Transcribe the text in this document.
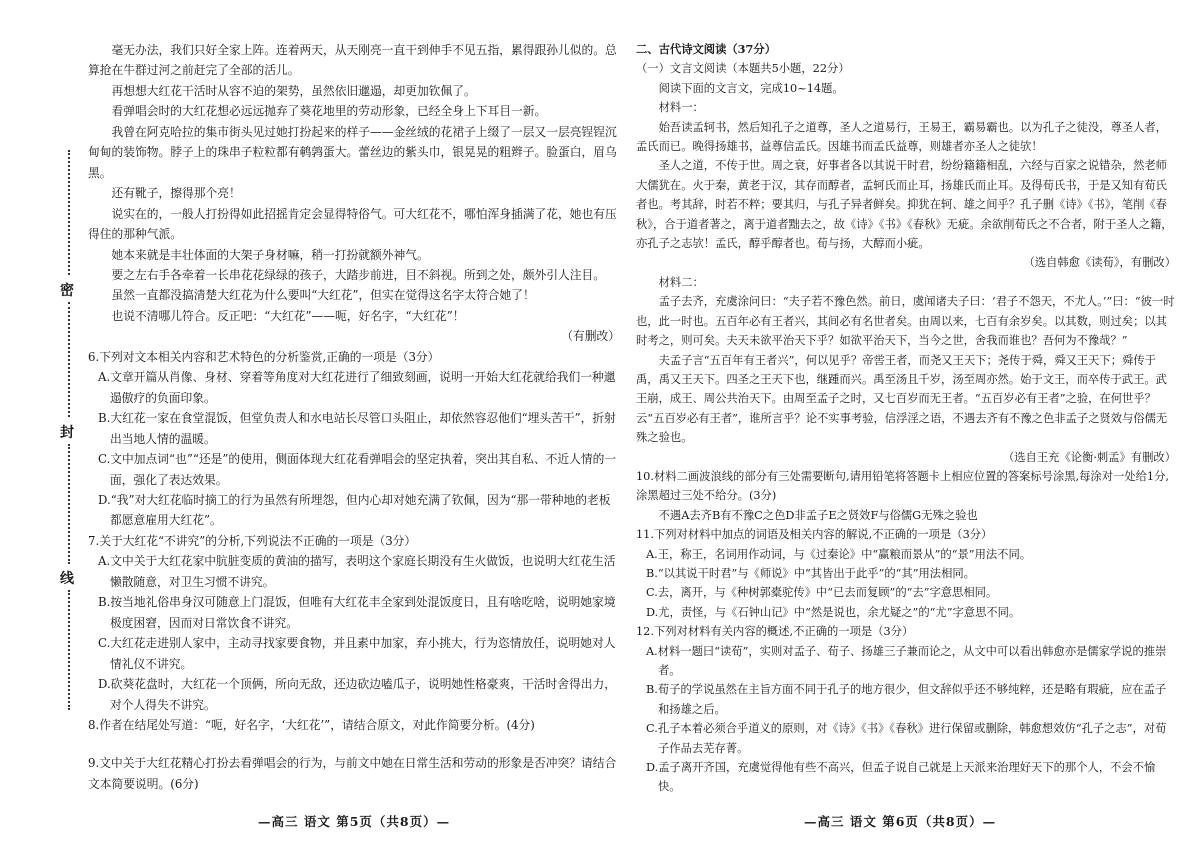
密
封
线

毫无办法，我们只好全家上阵。连着两天，从天刚亮一直干到伸手不见五指，累得跟孙儿似的。总算抢在牛群过河之前赶完了全部的活儿。

再想想大红花干活时从容不迫的架势，虽然依旧邋遢，却更加钦佩了。

看弹唱会时的大红花想必远远抛弃了葵花地里的劳动形象，已经全身上下耳目一新。

我曾在阿克哈拉的集市街头见过她打扮起来的样子——金丝绒的花裙子上缀了一层又一层亮锃锃沉甸甸的装饰物。脖子上的珠串子粒粒都有鹌鹑蛋大。蕾丝边的紫头巾，银晃晃的粗辫子。脸蛋白，眉乌黑。

还有靴子，擦得那个亮！

说实在的，一般人打扮得如此招摇肯定会显得特俗气。可大红花不，哪怕浑身插满了花，她也有压得住的那种气派。

她本来就是丰壮体面的大架子身材嘛，稍一打扮就额外神气。

要之左右手各牵着一长串花花绿绿的孩子，大踏步前进，目不斜视。所到之处，颇外引人注目。

虽然一直都没搞清楚大红花为什么要叫“大红花”，但实在觉得这名字太符合她了！

也说不清哪儿符合。反正吧：“大红花”——呃，好名字，“大红花”！

（有删改）

6.下列对文本相关内容和艺术特色的分析鉴赏,正确的一项是（3分）

A.文章开篇从肖像、身材、穿着等角度对大红花进行了细致刻画，说明一开始大红花就给我们一种邋遢傲疗的负面印象。

B.大红花一家在食堂混饭，但堂负责人和水电站长尽管口头阻止，却依然容忍他们“埋头苦干”，折射出当地人情的温暖。

C.文中加点词“也”“还是”的使用，侧面体现大红花看弹唱会的坚定执着，突出其自私、不近人情的一面，强化了表达效果。

D.“我”对大红花临时摘工的行为虽然有所埋怨，但内心却对她充满了钦佩，因为“那一带种地的老板都愿意雇用大红花”。

7.关于大红花“不讲究”的分析,下列说法不正确的一项是（3分）

A.文中关于大红花家中肮脏变质的黄油的描写，表明这个家庭长期没有生火做饭，也说明大红花生活懒散随意，对卫生习惯不讲究。

B.按当地礼俗串身汉可随意上门混饭，但唯有大红花丰全家到处混饭度日，且有啥吃啥，说明她家境极度困窘，因而对日常饮食不讲究。

C.大红花走进别人家中，主动寻找家要食物，并且素中加家，弃小挑大，行为恣情放任，说明她对人情礼仪不讲究。

D.砍葵花盘时，大红花一个顶俩，所向无敌，还边砍边嗑瓜子，说明她性格豪爽，干活时舍得出力，对个人得失不讲究。

8.作者在结尾处写道：“呃，好名字，‘大红花’”，请结合原文，对此作简要分析。(4分)

9.文中关于大红花精心打扮去看弹唱会的行为，与前文中她在日常生活和劳动的形象是否冲突？请结合文本简要说明。(6分)

—高三 语文 第5页（共8页）—

二、古代诗文阅读（37分）

（一）文言文阅读（本题共5小题，22分）

阅读下面的文言文，完成10~14题。

材料一：

始吾读孟轲书，然后知孔子之道尊，圣人之道易行，王易王，霸易霸也。以为孔子之徒没，尊圣人者，孟氏而已。晚得扬雄书，益尊信孟氏。因雄书而孟氏益尊，则雄者亦圣人之徒欤！

圣人之道，不传于世。周之衰，好事者各以其说干时君，纷纷籍籍相乱，六经与百家之说错杂，然老师大儒犹在。火于秦，黄老于汉，其存而醇者，孟轲氏而止耳，扬雄氏而止耳。及得荀氏书，于是又知有荀氏者也。考其辞，时若不粹；要其归，与孔子异者鲜矣。抑犹在轲、雄之间乎？孔子删《诗》《书》，笔削《春秋》，合于道者著之，离于道者黜去之，故《诗》《书》《春秋》无疵。余欲削荀氏之不合者，附于圣人之籍，亦孔子之志欤！孟氏，醇乎醇者也。荀与扬，大醇而小疵。

（选自韩愈《读荀》，有删改）

材料二：

孟子去齐，充虞涂问曰：“夫子若不豫色然。前日，虞闻诸夫子曰：‘君子不怨天，不尤人。’”曰：“彼一时也，此一时也。五百年必有王者兴，其间必有名世者矣。由周以来，七百有余岁矣。以其数，则过矣；以其时考之，则可矣。夫天未欲平治天下乎？如欲平治天下，当今之世，舍我而谁也？吾何为不豫哉？”

夫孟子言“五百年有王者兴”，何以见乎？帝喾王者，而尧又王天下；尧传于舜，舜又王天下；舜传于禹，禹又王天下。四圣之王天下也，继踵而兴。禹至汤且千岁，汤至周亦然。始于文王，而卒传于武王。武王崩，成王、周公共治天下。由周至孟子之时，又七百岁而无王者。“五百岁必有王者”之验，在何世乎？云“五百岁必有王者”，谁所言乎？论不实事考验，信浮淫之语，不遇去齐有不豫之色非孟子之贤效与俗儒无殊之验也。

（选自王充《论衡·刺孟》有删改）

10.材料二画波浪线的部分有三处需要断句,请用铅笔将答题卡上相应位置的答案标号涂黑,每涂对一处给1分,涂黑超过三处不给分。(3分)

不遇A去齐B有不豫C之色D非孟子E之贤效F与俗儒G无殊之验也

11.下列对材料中加点的词语及相关内容的解说,不正确的一项是（3分）

A.王，称王，名词用作动词，与《过秦论》中“赢粮而景从”的“景”用法不同。

B.“以其说干时君”与《师说》中“其皆出于此乎”的“其”用法相同。

C.去，离开，与《种树郭橐驼传》中“已去而复顾”的“去”字意思相同。

D.尤，责怪，与《石钟山记》中“然是说也，余尤疑之”的“尤”字意思不同。

12.下列对材料有关内容的概述,不正确的一项是（3分）

A.材料一题曰“读荀”，实则对孟子、荀子、扬雄三子兼而论之，从文中可以看出韩愈亦是儒家学说的推崇者。

B.荀子的学说虽然在主旨方面不同于孔子的地方很少，但文辞似乎还不够纯粹，还是略有瑕疵，应在孟子和扬雄之后。

C.孔子本着必须合乎道义的原则，对《诗》《书》《春秋》进行保留或删除，韩愈想效仿“孔子之志”，对荀子作品去芜存菁。

D.孟子离开齐国，充虞觉得他有些不高兴，但孟子说自己就是上天派来治理好天下的那个人，不会不愉快。

—高三 语文 第6页（共8页）—
